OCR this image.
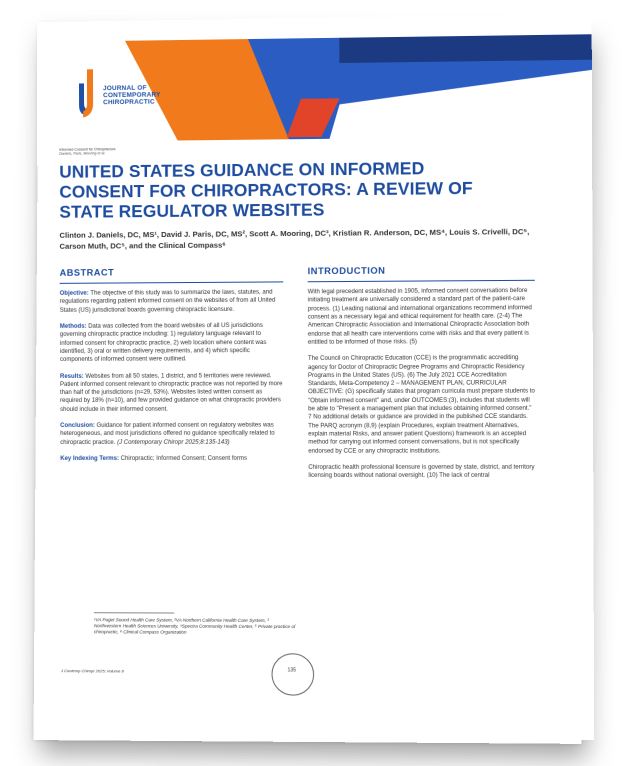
JOURNAL OF
CONTEMPORARY
CHIROPRACTIC
Informed Consent for Chiropractors
Daniels, Paris, Mooring et al.
UNITED STATES GUIDANCE ON INFORMED CONSENT FOR CHIROPRACTORS: A REVIEW OF STATE REGULATOR WEBSITES
Clinton J. Daniels, DC, MS¹, David J. Paris, DC, MS², Scott A. Mooring, DC³, Kristian R. Anderson, DC, MS⁴, Louis S. Crivelli, DC⁵, Carson Muth, DC⁵, and the Clinical Compass⁶
ABSTRACT

Objective: The objective of this study was to summarize the laws, statutes, and regulations regarding patient informed consent on the websites of from all United States (US) jurisdictional boards governing chiropractic licensure.

Methods: Data was collected from the board websites of all US jurisdictions governing chiropractic practice including: 1) regulatory language relevant to informed consent for chiropractic practice, 2) web location where content was identified, 3) oral or written delivery requirements, and 4) which specific components of informed consent were outlined.

Results: Websites from all 50 states, 1 district, and 5 territories were reviewed. Patient informed consent relevant to chiropractic practice was not reported by more than half of the jurisdictions (n=29, 53%). Websites listed written consent as required by 18% (n=10), and few provided guidance on what chiropractic providers should include in their informed consent.

Conclusion: Guidance for patient informed consent on regulatory websites was heterogeneous, and most jurisdictions offered no guidance specifically related to chiropractic practice. (J Contemporary Chiropr 2025;8:135-143)

Key Indexing Terms: Chiropractic; Informed Consent; Consent forms

INTRODUCTION

With legal precedent established in 1905, informed consent conversations before initiating treatment are universally considered a standard part of the patient-care process. (1) Leading national and international organizations recommend informed consent as a necessary legal and ethical requirement for health care. (2-4) The American Chiropractic Association and International Chiropractic Association both endorse that all health care interventions come with risks and that every patient is entitled to be informed of those risks. (5)

The Council on Chiropractic Education (CCE) is the programmatic accrediting agency for Doctor of Chiropractic Degree Programs and Chiropractic Residency Programs in the United States (US). (6) The July 2021 CCE Accreditation Standards, Meta-Competency 2 – MANAGEMENT PLAN, CURRICULAR OBJECTIVE: (G) specifically states that program curricula must prepare students to "Obtain informed consent" and, under OUTCOMES:(3), includes that students will be able to "Present a management plan that includes obtaining informed consent." 7 No additional details or guidance are provided in the published CCE standards. The PARQ acronym (8,9) (explain Procedures, explain treatment Alternatives, explain material Risks, and answer patient Questions) framework is an accepted method for carrying out informed consent conversations, but is not specifically endorsed by CCE or any chiropractic institutions.

Chiropractic health professional licensure is governed by state, district, and territory licensing boards without national oversight. (10) The lack of central

¹VA Puget Sound Health Care System, ²VA Northern California Health Care System, ³ Northwestern Health Sciences University, ⁴Spectra Community Health Center, ⁵ Private practice of chiropractic, ⁶ Clinical Compass Organization
J Contemp Chiropr 2025; Volume 8	135
